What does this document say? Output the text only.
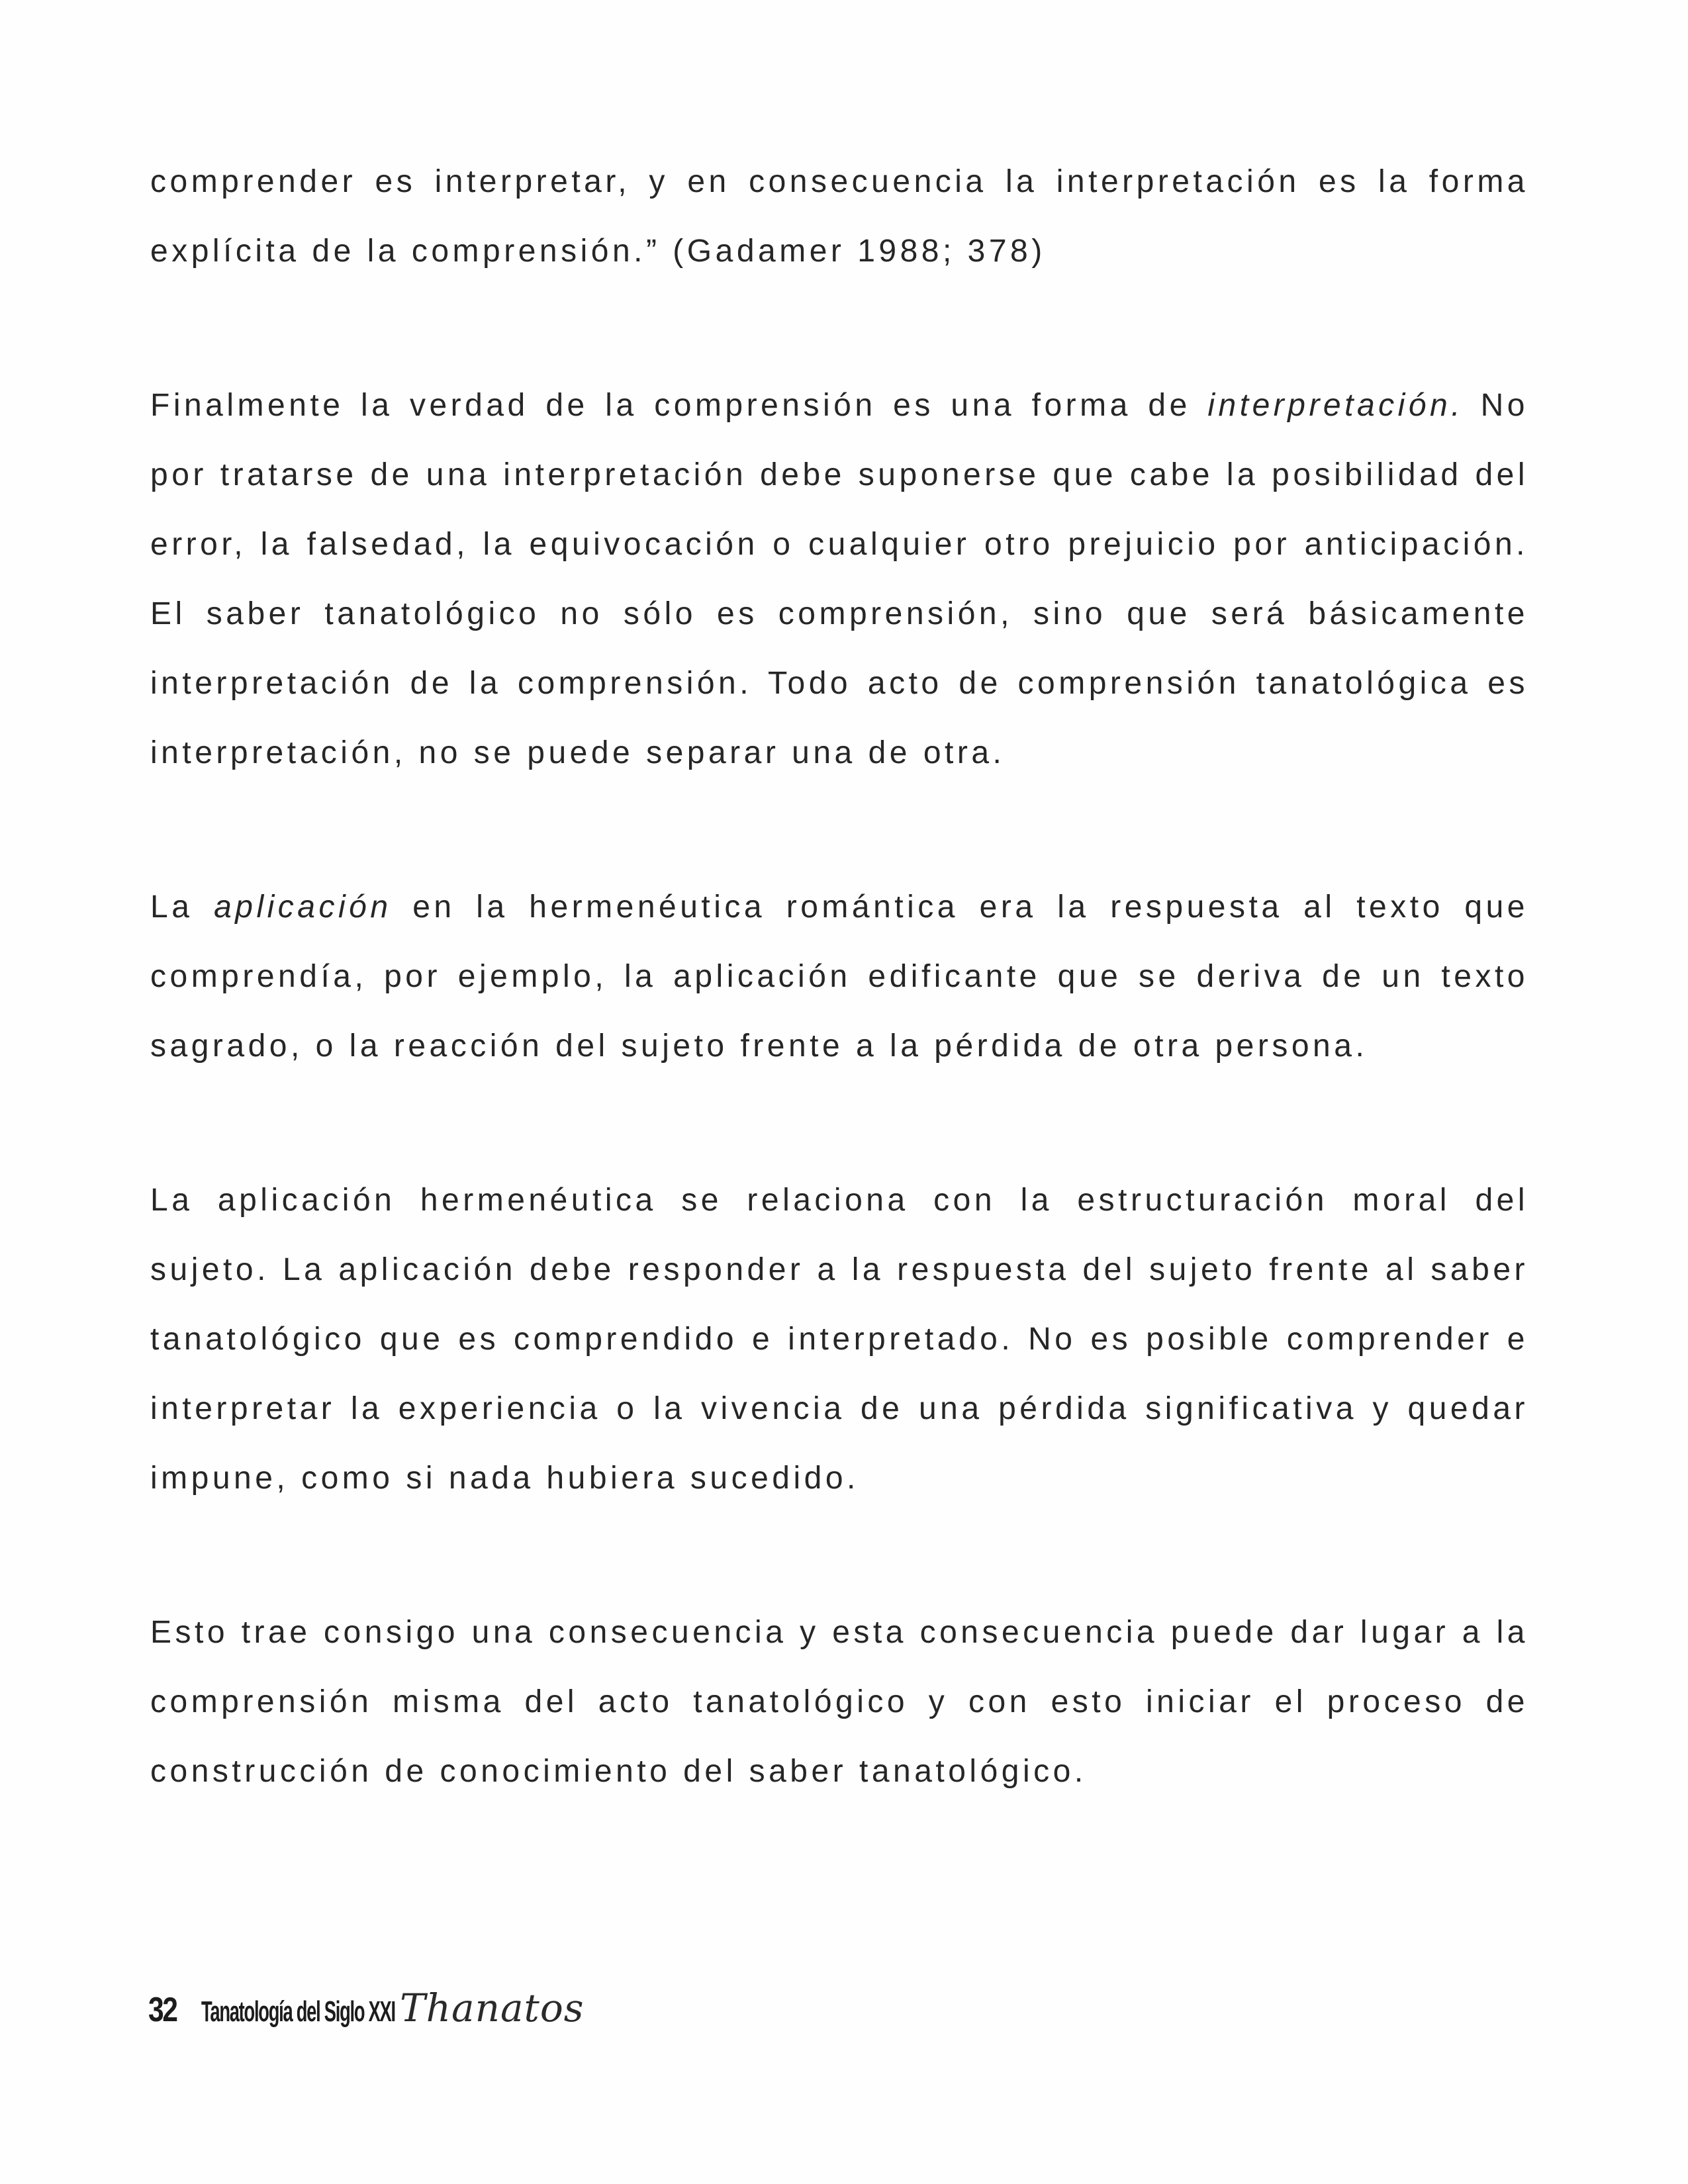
comprender es interpretar, y en consecuencia la interpretación es la forma explícita de la comprensión.” (Gadamer 1988; 378)

Finalmente la verdad de la comprensión es una forma de interpretación. No por tratarse de una interpretación debe suponerse que cabe la posibilidad del error, la falsedad, la equivocación o cualquier otro prejuicio por anticipación. El saber tanatológico no sólo es comprensión, sino que será básicamente interpretación de la comprensión. Todo acto de comprensión tanatológica es interpretación, no se puede separar una de otra.

La aplicación en la hermenéutica romántica era la respuesta al texto que comprendía, por ejemplo, la aplicación edificante que se deriva de un texto sagrado, o la reacción del sujeto frente a la pérdida de otra persona.

La aplicación hermenéutica se relaciona con la estructuración moral del sujeto. La aplicación debe responder a la respuesta del sujeto frente al saber tanatológico que es comprendido e interpretado. No es posible comprender e interpretar la experiencia o la vivencia de una pérdida significativa y quedar impune, como si nada hubiera sucedido.

Esto trae consigo una consecuencia y esta consecuencia puede dar lugar a la comprensión misma del acto tanatológico y con esto iniciar el proceso de construcción de conocimiento del saber tanatológico.

32 Tanatología del Siglo XXI Thanatos
